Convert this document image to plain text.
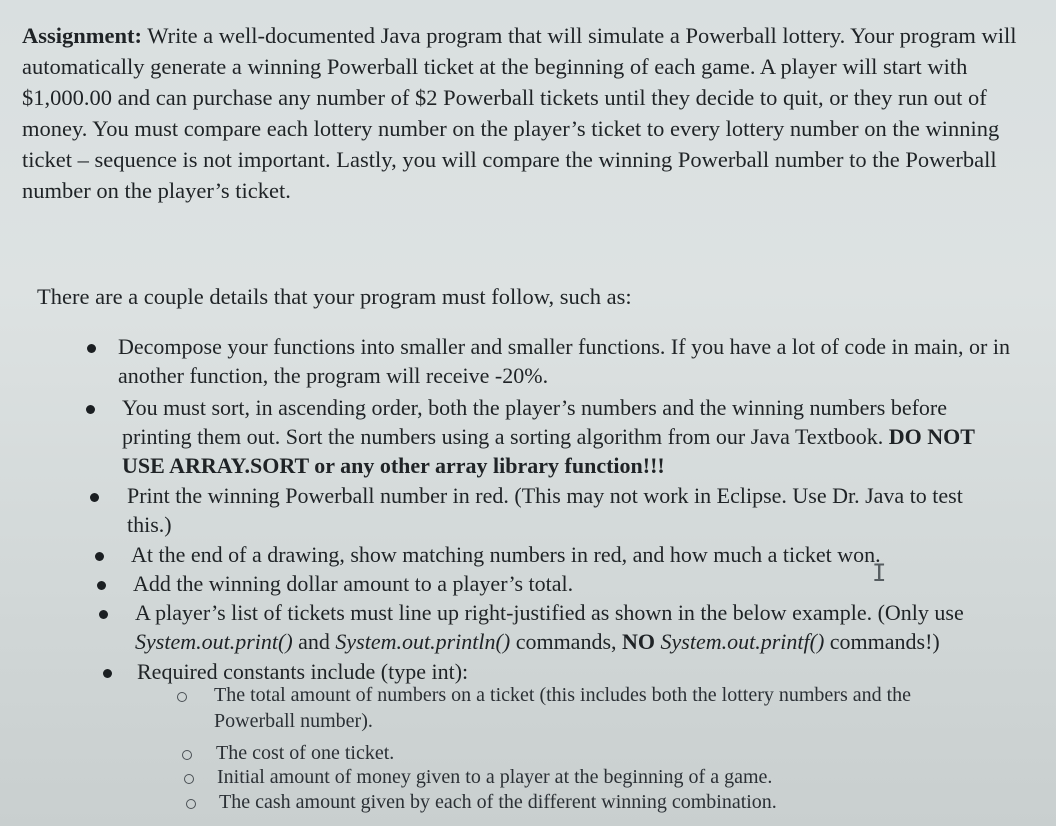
Assignment: Write a well-documented Java program that will simulate a Powerball lottery. Your program will automatically generate a winning Powerball ticket at the beginning of each game. A player will start with $1,000.00 and can purchase any number of $2 Powerball tickets until they decide to quit, or they run out of money. You must compare each lottery number on the player’s ticket to every lottery number on the winning ticket – sequence is not important. Lastly, you will compare the winning Powerball number to the Powerball number on the player’s ticket.
There are a couple details that your program must follow, such as:
Decompose your functions into smaller and smaller functions. If you have a lot of code in main, or in another function, the program will receive -20%.
You must sort, in ascending order, both the player’s numbers and the winning numbers before printing them out. Sort the numbers using a sorting algorithm from our Java Textbook. DO NOT USE ARRAY.SORT or any other array library function!!!
Print the winning Powerball number in red. (This may not work in Eclipse. Use Dr. Java to test this.)
At the end of a drawing, show matching numbers in red, and how much a ticket won.
Add the winning dollar amount to a player’s total.
A player’s list of tickets must line up right-justified as shown in the below example. (Only use System.out.print() and System.out.println() commands, NO System.out.printf() commands!)
Required constants include (type int):
The total amount of numbers on a ticket (this includes both the lottery numbers and the Powerball number).
The cost of one ticket.
Initial amount of money given to a player at the beginning of a game.
The cash amount given by each of the different winning combination.
I
